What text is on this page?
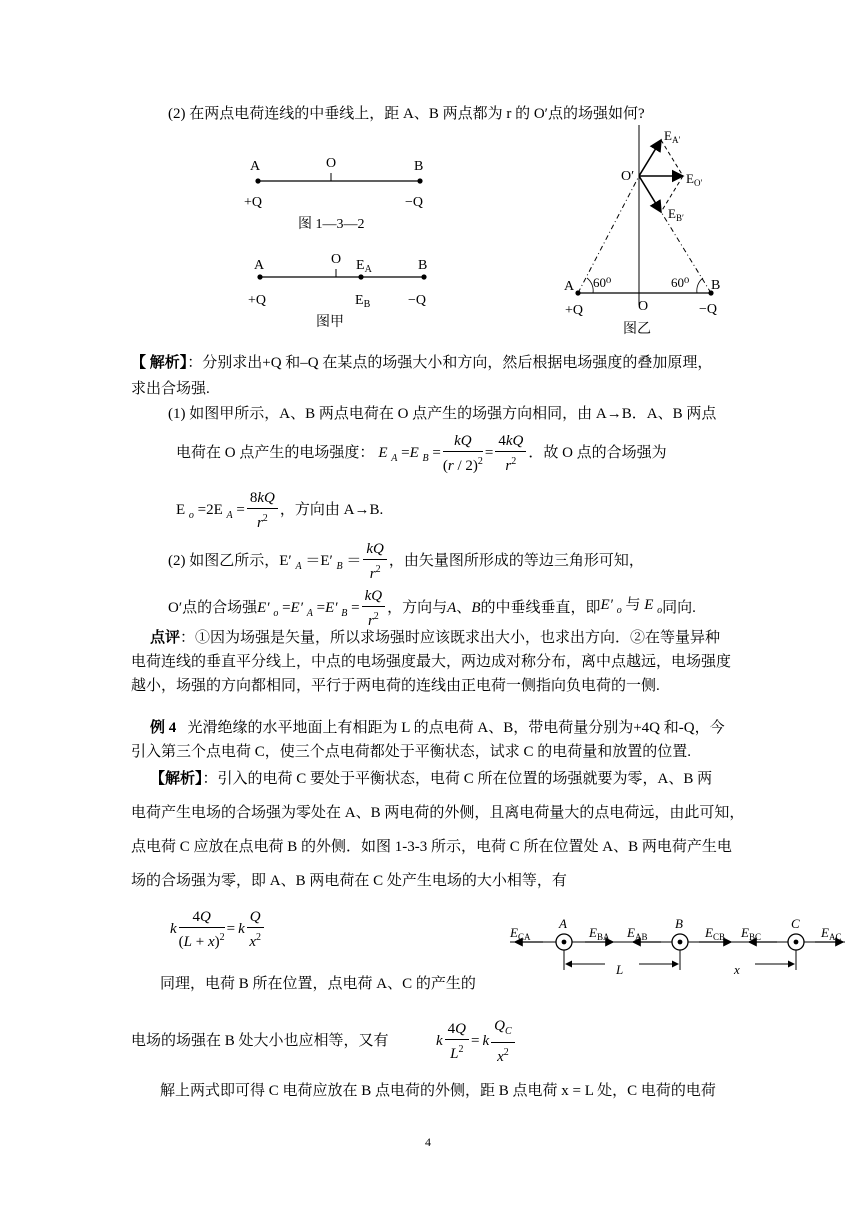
(2) 在两点电荷连线的中垂线上，距 A、B 两点都为 r 的 O′点的场强如何?
A	O	B
+Q	−Q
图 1—3—2
A	O $E_A$	B
+Q	$E_B$	−Q
图甲
O′
$E_{A'}$
$E_{O'}$
$E_{B'}$
A 60⁰	60⁰ B
O
+Q	−Q
图乙
【 解析】：分别求出+Q 和–Q 在某点的场强大小和方向，然后根据电场强度的叠加原理，
求出合场强.
(1) 如图甲所示，A、B 两点电荷在 O 点产生的场强方向相同，由 A→B．A、B 两点
电荷在 O 点产生的电场强度： E $_A$ =E $_B = \frac{kQ}{(r / 2)^2} = \frac{4kQ}{r^2}$ ．故 O 点的合场强为
E $_o$ =2E $_A = \frac{8kQ}{r^2}$ ，方向由 A→B.
(2) 如图乙所示， E′ $_A$ ＝E′ $_B = \frac{kQ}{r^2}$ ，由矢量图所形成的等边三角形可知，
O′点的合场强 E′ $_o$ =E′ $_A$ =E′ $_B = \frac{kQ}{r^2}$ ，方向与 A、B 的中垂线垂直，即 E′ $_o$ 与 E $_o$ 同向.
点评：①因为场强是矢量，所以求场强时应该既求出大小，也求出方向．②在等量异种
电荷连线的垂直平分线上，中点的电场强度最大，两边成对称分布，离中点越远，电场强度
越小，场强的方向都相同，平行于两电荷的连线由正电荷一侧指向负电荷的一侧.
例 4 光滑绝缘的水平地面上有相距为 L 的点电荷 A、B，带电荷量分别为+4Q 和-Q，今
引入第三个点电荷 C，使三个点电荷都处于平衡状态，试求 C 的电荷量和放置的位置.
【解析】：引入的电荷 C 要处于平衡状态，电荷 C 所在位置的场强就要为零，A、B 两
电荷产生电场的合场强为零处在 A、B 两电荷的外侧，且离电荷量大的点电荷远，由此可知，
点电荷 C 应放在点电荷 B 的外侧．如图 1-3-3 所示，电荷 C 所在位置处 A、B 两电荷产生电
场的合场强为零，即 A、B 两电荷在 C 处产生电场的大小相等，有
k $\frac{4Q}{(L + x)^2} = k \frac{Q}{x^2}$	$E_{CA}$
A
$E_{BA}$ $E_{AB}$
B
$E_{CB}$ $E_{BC}$
C
$E_{AC}$
L	x
同理，电荷 B 所在位置，点电荷 A、C 的产生的
电场的场强在 B 处大小也应相等，又有	k $\frac{4Q}{L^2} = k \frac{Q_C}{x^2}$
解上两式即可得 C 电荷应放在 B 点电荷的外侧，距 B 点电荷 x = L 处，C 电荷的电荷
4
